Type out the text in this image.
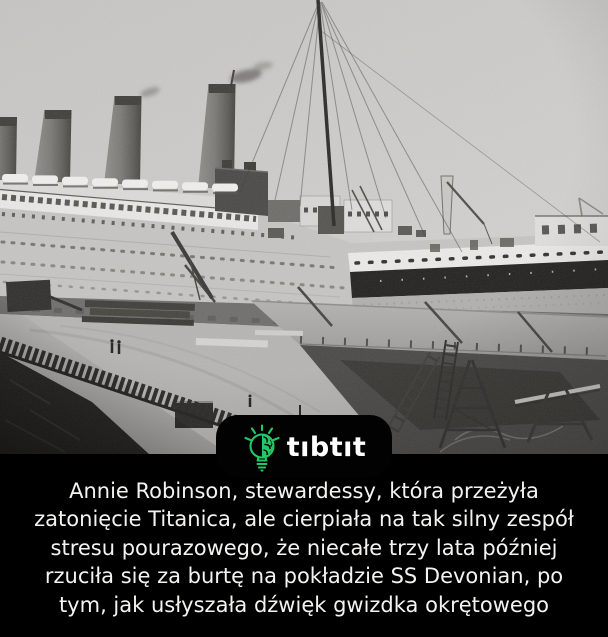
tıbtıt
Annie Robinson, stewardessy, która przeżyła
zatonięcie Titanica, ale cierpiała na tak silny zespół
stresu pourazowego, że niecałe trzy lata później
rzuciła się za burtę na pokładzie SS Devonian, po
tym, jak usłyszała dźwięk gwizdka okrętowego
